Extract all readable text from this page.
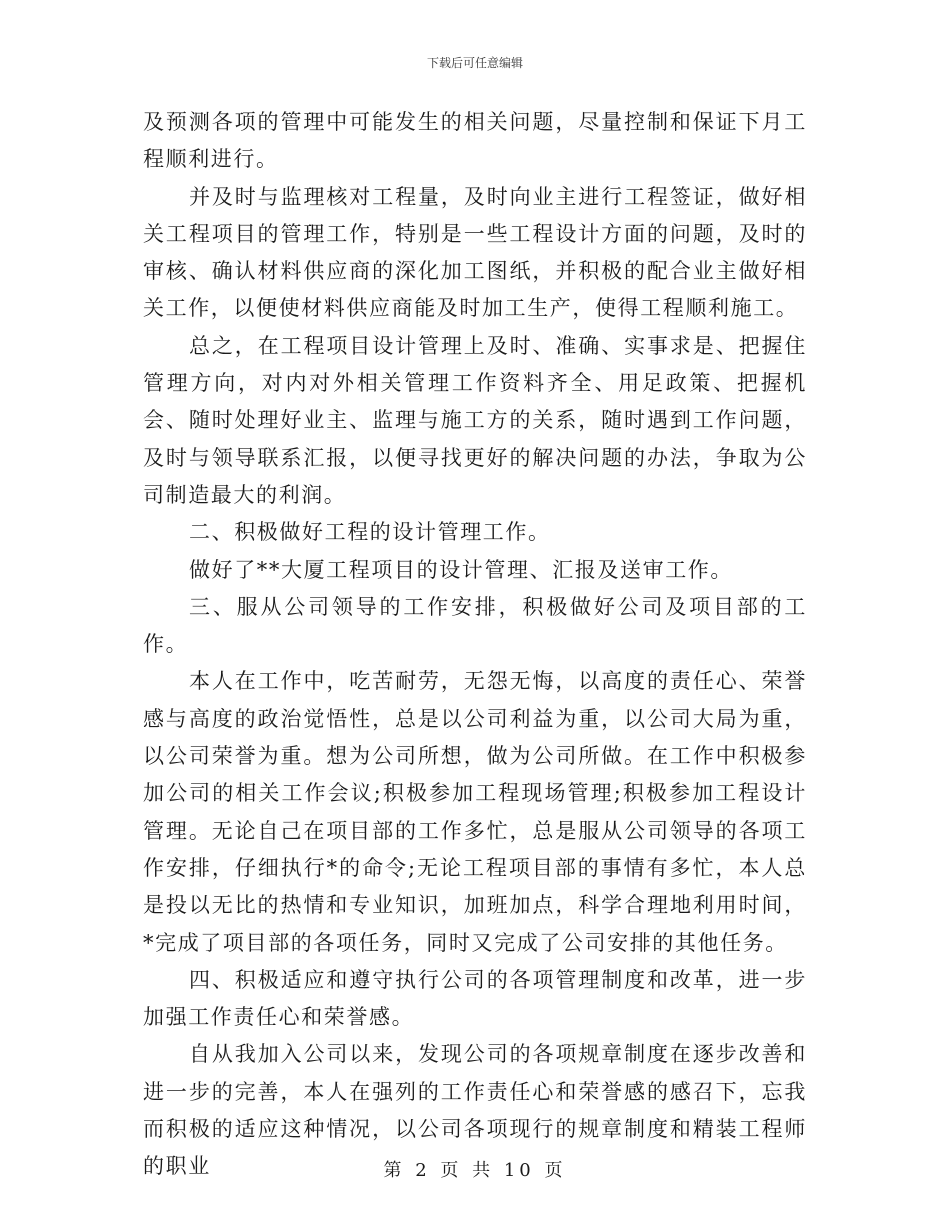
下载后可任意编辑

及预测各项的管理中可能发生的相关问题，尽量控制和保证下月工程顺利进行。

并及时与监理核对工程量，及时向业主进行工程签证，做好相关工程项目的管理工作，特别是一些工程设计方面的问题，及时的审核、确认材料供应商的深化加工图纸，并积极的配合业主做好相关工作，以便使材料供应商能及时加工生产，使得工程顺利施工。

总之，在工程项目设计管理上及时、准确、实事求是、把握住管理方向，对内对外相关管理工作资料齐全、用足政策、把握机会、随时处理好业主、监理与施工方的关系，随时遇到工作问题，及时与领导联系汇报，以便寻找更好的解决问题的办法，争取为公司制造最大的利润。

二、积极做好工程的设计管理工作。

做好了**大厦工程项目的设计管理、汇报及送审工作。

三、服从公司领导的工作安排，积极做好公司及项目部的工作。

本人在工作中，吃苦耐劳，无怨无悔，以高度的责任心、荣誉感与高度的政治觉悟性，总是以公司利益为重，以公司大局为重，以公司荣誉为重。想为公司所想，做为公司所做。在工作中积极参加公司的相关工作会议;积极参加工程现场管理;积极参加工程设计管理。无论自己在项目部的工作多忙，总是服从公司领导的各项工作安排，仔细执行*的命令;无论工程项目部的事情有多忙，本人总是投以无比的热情和专业知识，加班加点，科学合理地利用时间，*完成了项目部的各项任务，同时又完成了公司安排的其他任务。

四、积极适应和遵守执行公司的各项管理制度和改革，进一步加强工作责任心和荣誉感。

自从我加入公司以来，发现公司的各项规章制度在逐步改善和进一步的完善，本人在强列的工作责任心和荣誉感的感召下，忘我而积极的适应这种情况，以公司各项现行的规章制度和精装工程师的职业	第 2 页 共 10 页
